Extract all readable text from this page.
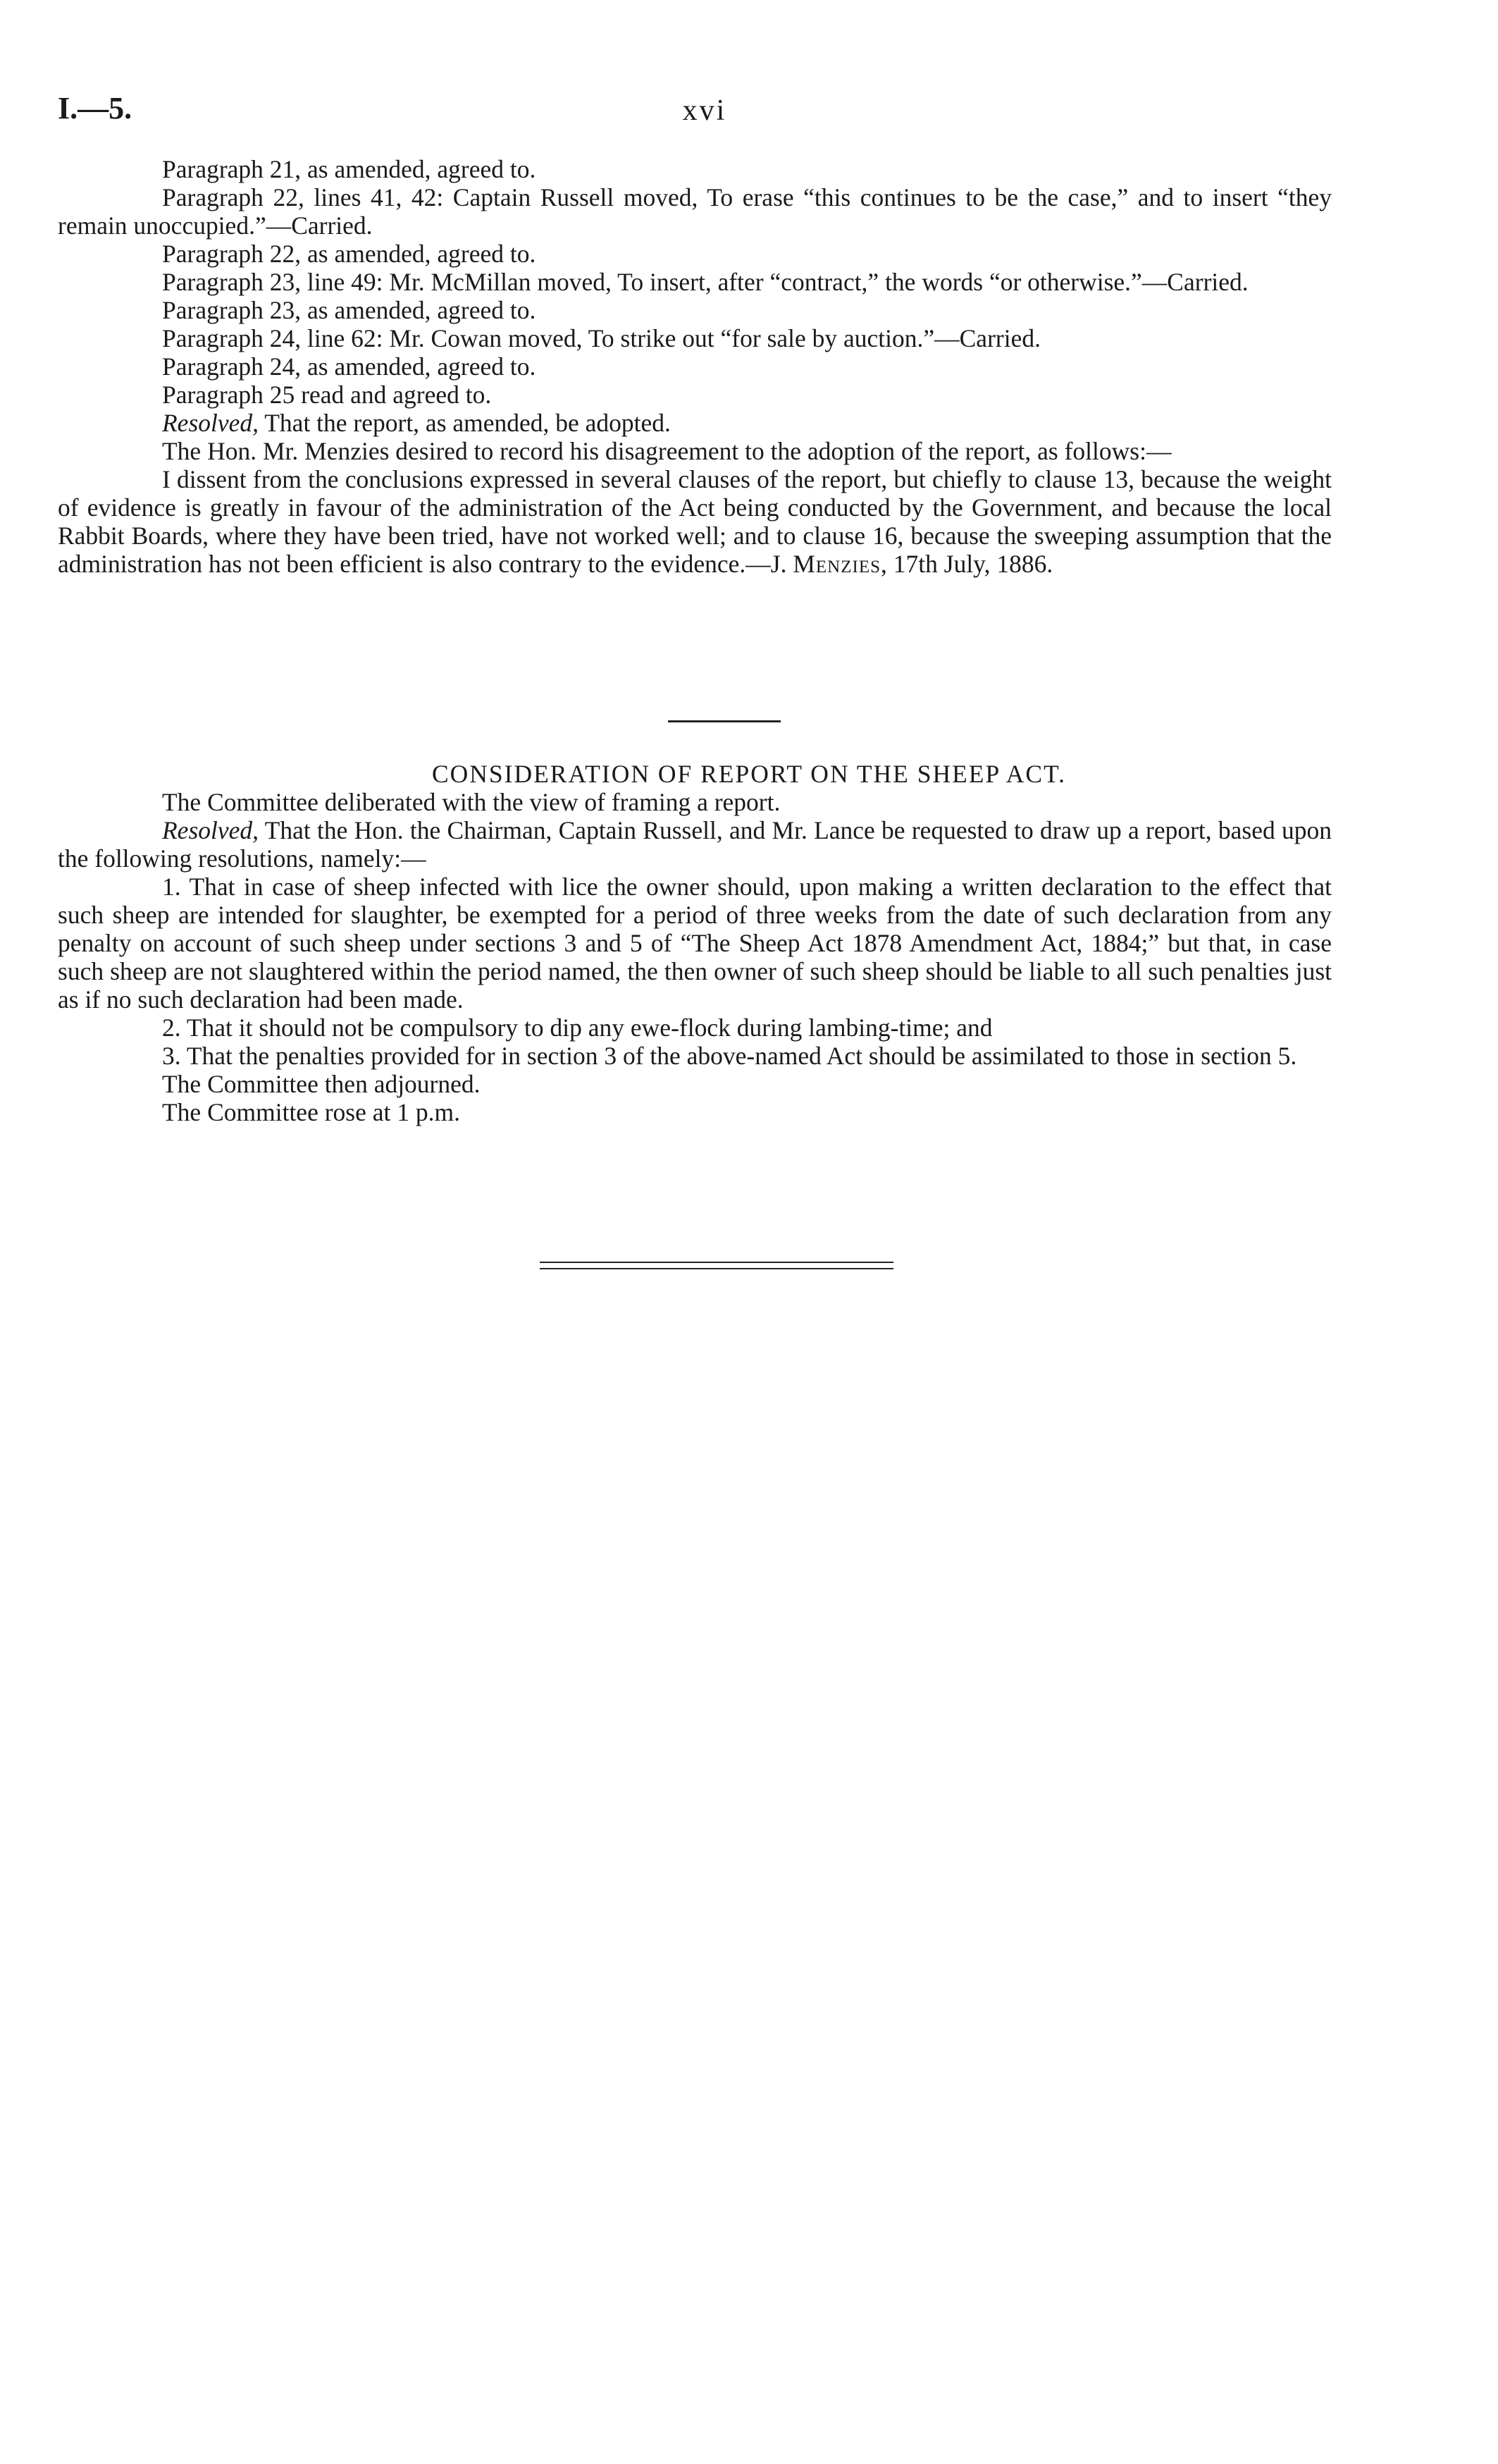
I.—5.	xvi

Paragraph 21, as amended, agreed to.

Paragraph 22, lines 41, 42: Captain Russell moved, To erase “this continues to be the case,” and to insert “they remain unoccupied.”—Carried.

Paragraph 22, as amended, agreed to.

Paragraph 23, line 49: Mr. McMillan moved, To insert, after “contract,” the words “or otherwise.”—Carried.

Paragraph 23, as amended, agreed to.

Paragraph 24, line 62: Mr. Cowan moved, To strike out “for sale by auction.”—Carried.

Paragraph 24, as amended, agreed to.

Paragraph 25 read and agreed to.

Resolved, That the report, as amended, be adopted.

The Hon. Mr. Menzies desired to record his disagreement to the adoption of the report, as follows:—

I dissent from the conclusions expressed in several clauses of the report, but chiefly to clause 13, because the weight of evidence is greatly in favour of the administration of the Act being conducted by the Government, and because the local Rabbit Boards, where they have been tried, have not worked well; and to clause 16, because the sweeping assumption that the administration has not been efficient is also contrary to the evidence.—J. Menzies, 17th July, 1886.

CONSIDERATION OF REPORT ON THE SHEEP ACT.

The Committee deliberated with the view of framing a report.

Resolved, That the Hon. the Chairman, Captain Russell, and Mr. Lance be requested to draw up a report, based upon the following resolutions, namely:—

1. That in case of sheep infected with lice the owner should, upon making a written declaration to the effect that such sheep are intended for slaughter, be exempted for a period of three weeks from the date of such declaration from any penalty on account of such sheep under sections 3 and 5 of “The Sheep Act 1878 Amendment Act, 1884;” but that, in case such sheep are not slaughtered within the period named, the then owner of such sheep should be liable to all such penalties just as if no such declaration had been made.

2. That it should not be compulsory to dip any ewe-flock during lambing-time; and

3. That the penalties provided for in section 3 of the above-named Act should be assimilated to those in section 5.

The Committee then adjourned.

The Committee rose at 1 p.m.
